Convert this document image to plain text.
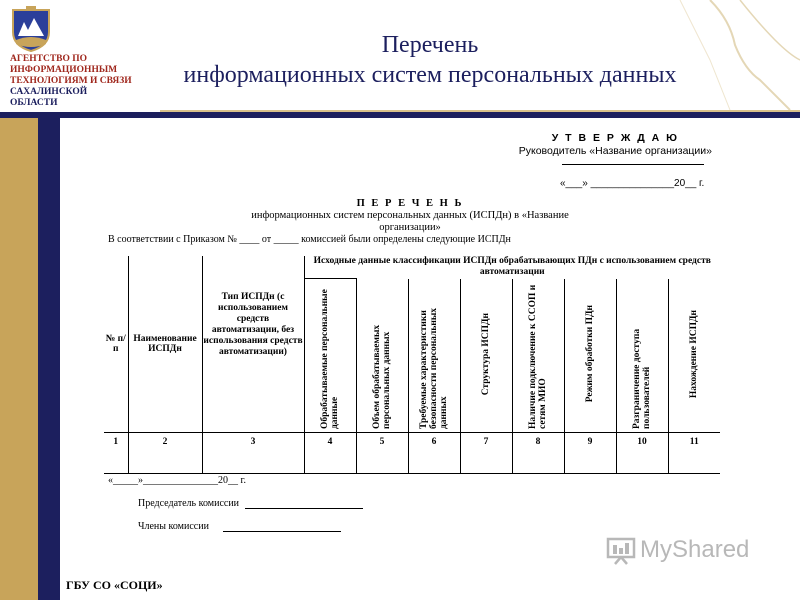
АГЕНТСТВО ПО
ИНФОРМАЦИОННЫМ
ТЕХНОЛОГИЯМ И СВЯЗИ
САХАЛИНСКОЙ
ОБЛАСТИ
Перечень
информационных систем персональных данных
У Т В Е Р Ж Д А Ю
Руководитель «Название организации»
«___» _______________20__ г.
П Е Р Е Ч Е Н Ь
информационных систем персональных данных (ИСПДн) в «Название организации»
В соответствии с Приказом № ____ от _____ комиссией были определены следующие ИСПДн
№ п/п	Наименование ИСПДн	Тип ИСПДн (с использованием средств автоматизации, без использования средств автоматизации)	Исходные данные классификации ИСПДн обрабатывающих ПДн с использованием средств автоматизации							
			Обрабатываемые персональные данные	Объем обрабатываемых персональных данных	Требуемые характеристики безопасности персональных данных	Структура ИСПДн	Наличие подключение к ССОП и сетям МИО	Режим обработки ПДн	Разграничение доступа пользователей	Нахождение ИСПДн
1	2	3	4	5	6	7	8	9	10	11

«_____»_______________20__ г.
Председатель комиссии
Члены комиссии
ГБУ СО «СОЦИ»
MyShared
